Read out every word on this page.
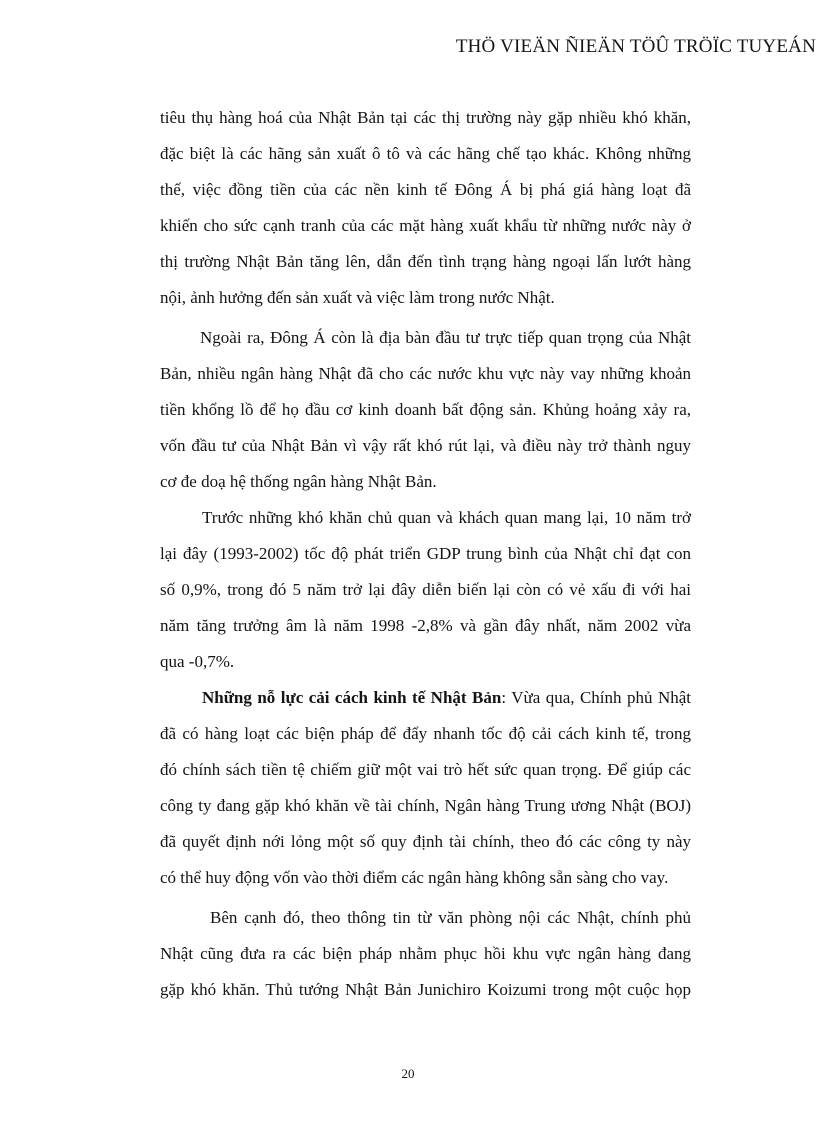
THÖ VIEÄN ÑIEÄN TÖÛ TRÖÏC TUYEÁN
tiêu thụ hàng hoá của Nhật Bản tại các thị trường này gặp nhiều khó khăn,
đặc biệt là các hãng sản xuất ô tô và các hãng chế tạo khác. Không những
thế, việc đồng tiền của các nền kinh tế Đông Á bị phá giá hàng loạt đã
khiến cho sức cạnh tranh của các mặt hàng xuất khẩu từ những nước này ở
thị trường Nhật Bản tăng lên, dẫn đến tình trạng hàng ngoại lấn lướt hàng
nội, ảnh hưởng đến sản xuất và việc làm trong nước Nhật.
Ngoài ra, Đông Á còn là địa bàn đầu tư trực tiếp quan trọng của Nhật
Bản, nhiều ngân hàng Nhật đã cho các nước khu vực này vay những khoản
tiền khổng lồ để họ đầu cơ kinh doanh bất động sản. Khủng hoảng xảy ra,
vốn đầu tư của Nhật Bản vì vậy rất khó rút lại, và điều này trở thành nguy
cơ đe doạ hệ thống ngân hàng Nhật Bản.
Trước những khó khăn chủ quan và khách quan mang lại, 10 năm trở
lại đây (1993-2002) tốc độ phát triển GDP trung bình của Nhật chỉ đạt con
số 0,9%, trong đó 5 năm trở lại đây diễn biến lại còn có vẻ xấu đi với hai
năm tăng trưởng âm là năm 1998 -2,8% và gần đây nhất, năm 2002 vừa
qua -0,7%.
Những nỗ lực cải cách kinh tế Nhật Bản: Vừa qua, Chính phủ Nhật
đã có hàng loạt các biện pháp để đẩy nhanh tốc độ cải cách kinh tế, trong
đó chính sách tiền tệ chiếm giữ một vai trò hết sức quan trọng. Để giúp các
công ty đang gặp khó khăn về tài chính, Ngân hàng Trung ương Nhật (BOJ)
đã quyết định nới lỏng một số quy định tài chính, theo đó các công ty này
có thể huy động vốn vào thời điểm các ngân hàng không sẵn sàng cho vay.
Bên cạnh đó, theo thông tin từ văn phòng nội các Nhật, chính phủ
Nhật cũng đưa ra các biện pháp nhằm phục hồi khu vực ngân hàng đang
gặp khó khăn. Thủ tướng Nhật Bản Junichiro Koizumi trong một cuộc họp
20
